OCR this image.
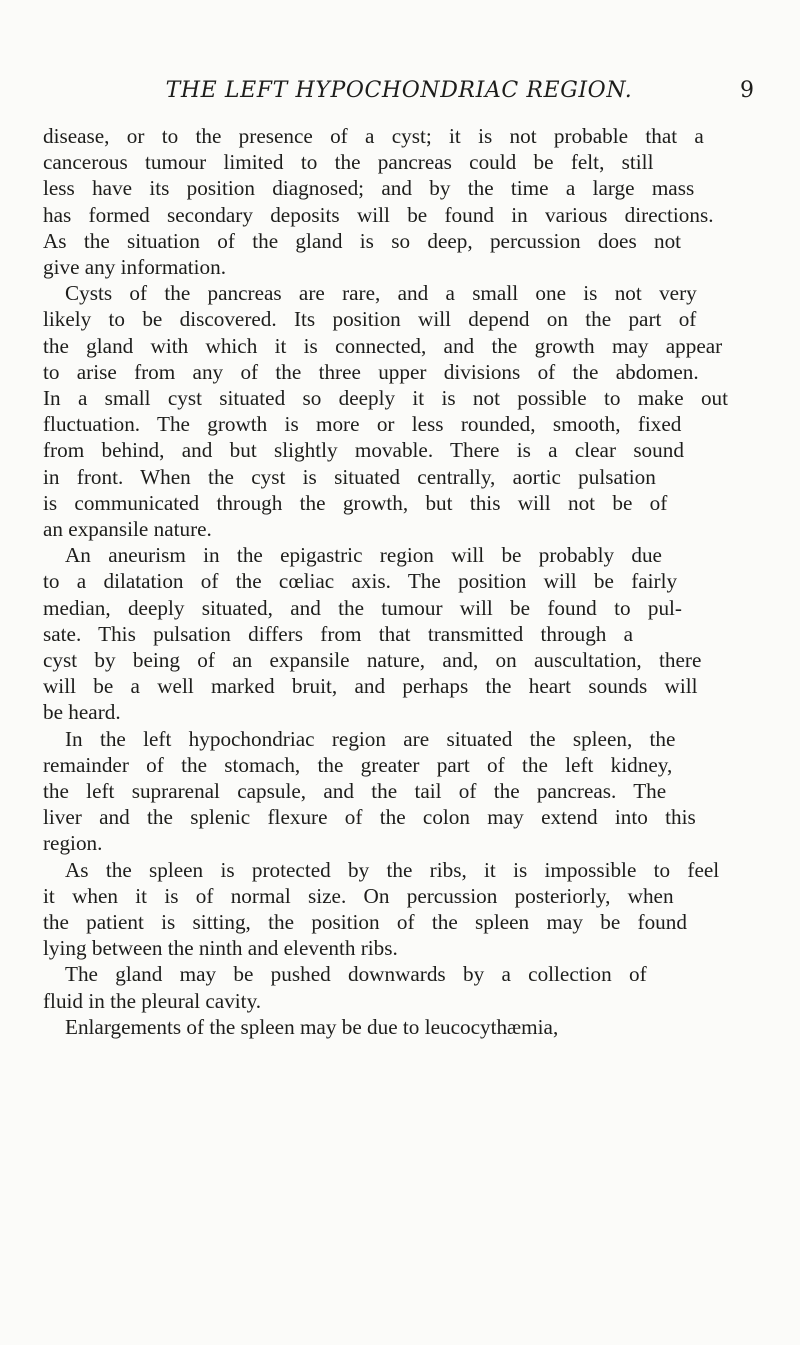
THE LEFT HYPOCHONDRIAC REGION.	9
disease, or to the presence of a cyst; it is not probable that a
cancerous tumour limited to the pancreas could be felt, still
less have its position diagnosed; and by the time a large mass
has formed secondary deposits will be found in various directions.
As the situation of the gland is so deep, percussion does not
give any information.
Cysts of the pancreas are rare, and a small one is not very
likely to be discovered. Its position will depend on the part of
the gland with which it is connected, and the growth may appear
to arise from any of the three upper divisions of the abdomen.
In a small cyst situated so deeply it is not possible to make out
fluctuation. The growth is more or less rounded, smooth, fixed
from behind, and but slightly movable. There is a clear sound
in front. When the cyst is situated centrally, aortic pulsation
is communicated through the growth, but this will not be of
an expansile nature.
An aneurism in the epigastric region will be probably due
to a dilatation of the cœliac axis. The position will be fairly
median, deeply situated, and the tumour will be found to pul-
sate. This pulsation differs from that transmitted through a
cyst by being of an expansile nature, and, on auscultation, there
will be a well marked bruit, and perhaps the heart sounds will
be heard.
In the left hypochondriac region are situated the spleen, the
remainder of the stomach, the greater part of the left kidney,
the left suprarenal capsule, and the tail of the pancreas. The
liver and the splenic flexure of the colon may extend into this
region.
As the spleen is protected by the ribs, it is impossible to feel
it when it is of normal size. On percussion posteriorly, when
the patient is sitting, the position of the spleen may be found
lying between the ninth and eleventh ribs.
The gland may be pushed downwards by a collection of
fluid in the pleural cavity.
Enlargements of the spleen may be due to leucocythæmia,
